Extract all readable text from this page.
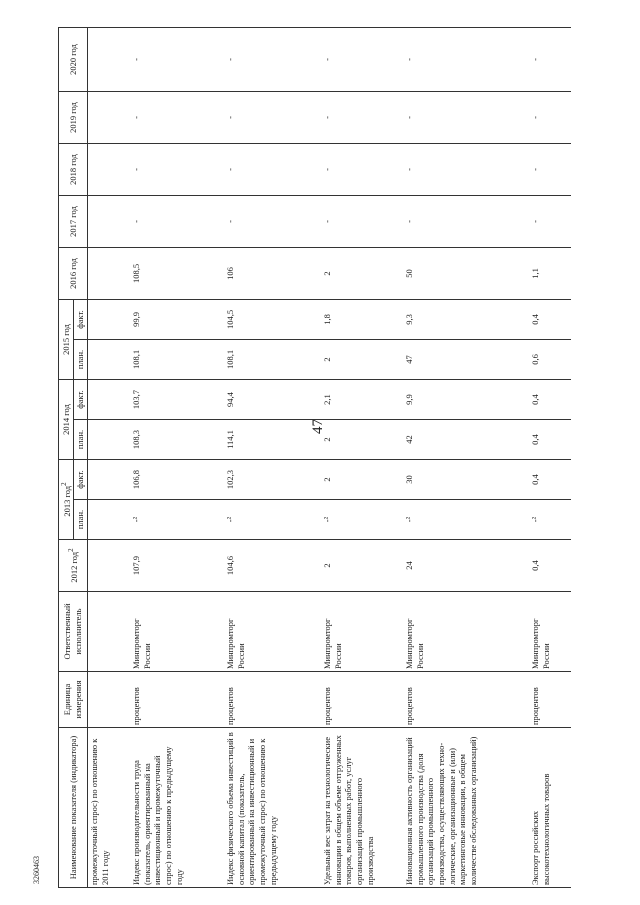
47
3260463	Наименование показателя (индикатора)	Единица измерения	Ответственный исполнитель	2012 год$^2$	2013 год$^2$		2014 год		2015 год		2016 год	2017 год	2018 год	2019 год	2020 год
				план.	факт.	план.	факт.	план.	факт.					
промежуточный спрос) по отношению к 2011 году														
Индекс производительности труда (показатель, ориентированный на инвестиционный и промежуточный спрос) по отношению к предыдущему году	процентов	Минпромторг России	107,9	-²	106,8	108,3	103,7	108,1	99,9	108,5	-	-	-	-
Индекс физического объема инвестиций в основной капитал (показатель, ориентированный на инвестиционный и промежуточный спрос) по отношению к предыдущему году	процентов	Минпромторг России	104,6	-²	102,3	114,1	94,4	108,1	104,5	106	-	-	-	-
Удельный вес затрат на технологические инновации в общем объеме отгруженных товаров, выполненных работ, услуг организаций промышленного производства	процентов	Минпромторг России	2	-²	2	2	2,1	2	1,8	2	-	-	-	-
Инновационная активность организаций промышленного производства (доля организаций промышленного производства, осуществляющих техно- логические, организационные и (или) маркетинговые инновации, в общем количестве обследованных организаций)	процентов	Минпромторг России	24	-²	30	42	9,9	47	9,3	50	-	-	-	-
Экспорт российских высокотехнологичных товаров	процентов	Минпромторг России	0,4	-²	0,4	0,4	0,4	0,6	0,4	1,1	-	-	-	-
